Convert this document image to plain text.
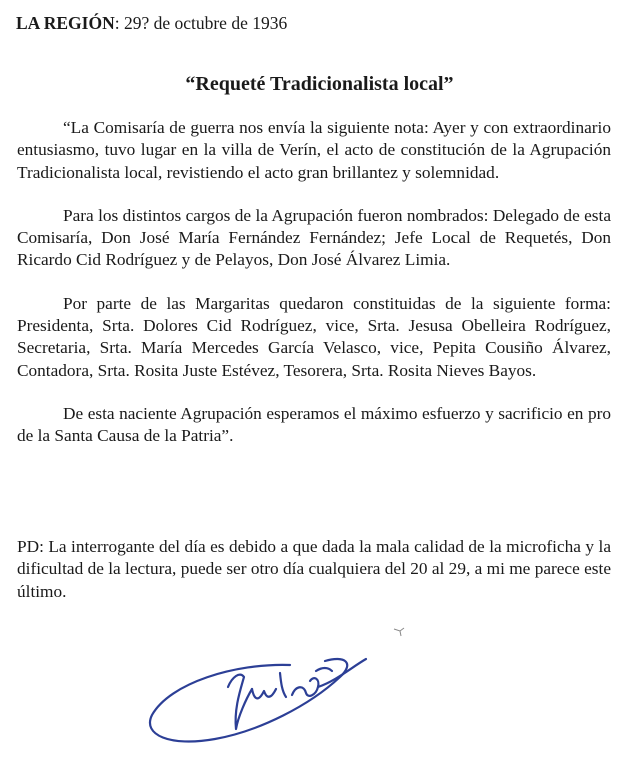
LA REGIÓN: 29? de octubre de 1936
“Requeté Tradicionalista local”

“La Comisaría de guerra nos envía la siguiente nota: Ayer y con extraordinario entusiasmo, tuvo lugar en la villa de Verín, el acto de constitución de la Agrupación Tradicionalista local, revistiendo el acto gran brillantez y solemnidad.

Para los distintos cargos de la Agrupación fueron nombrados: Delegado de esta Comisaría, Don José María Fernández Fernández; Jefe Local de Requetés, Don Ricardo Cid Rodríguez y de Pelayos, Don José Álvarez Limia.

Por parte de las Margaritas quedaron constituidas de la siguiente forma: Presidenta, Srta. Dolores Cid Rodríguez, vice, Srta. Jesusa Obelleira Rodríguez, Secretaria, Srta. María Mercedes García Velasco, vice, Pepita Cousiño Álvarez, Contadora, Srta. Rosita Juste Estévez, Tesorera, Srta. Rosita Nieves Bayos.

De esta naciente Agrupación esperamos el máximo esfuerzo y sacrificio en pro de la Santa Causa de la Patria”.

PD: La interrogante del día es debido a que dada la mala calidad de la microficha y la dificultad de la lectura, puede ser otro día cualquiera del 20 al 29, a mi me parece este último.
